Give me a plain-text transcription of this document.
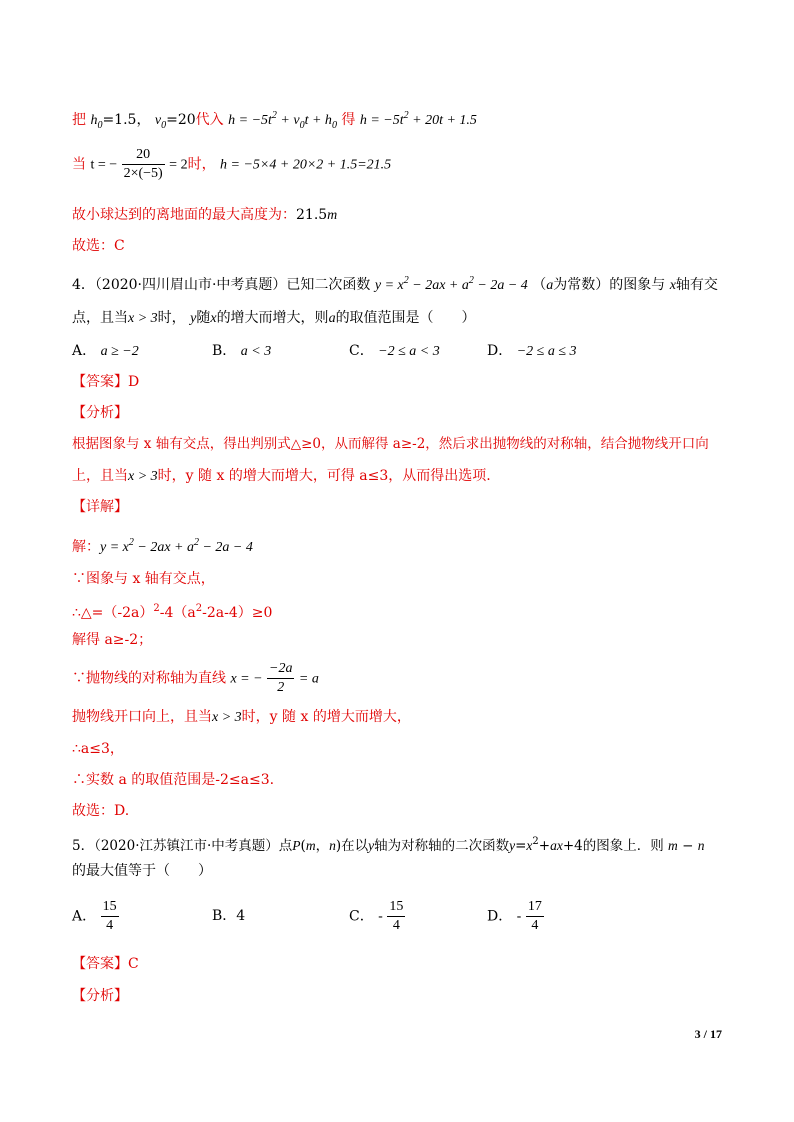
把 $h_0=1.5$， $v_0=20$代入 $h = -5t^2 + v_0t + h_0$ 得 $h = -5t^2 + 20t + 1.5$
当 t = − $\frac{20}{2\times(-5)} = 2$时， h = −5×4 + 20×2 + 1.5=21.5
故小球达到的离地面的最大高度为：21.5m
故选：C
4．（2020·四川眉山市·中考真题）已知二次函数 $y = x^2 - 2ax + a^2 - 2a - 4$ （a为常数）的图象与 x轴有交
点，且当x > 3时， y随x的增大而增大，则a的取值范围是（　　）
A． a ≥ −2	B． a < 3	C． −2 ≤ a < 3	D． −2 ≤ a ≤ 3
【答案】D
【分析】
根据图象与 x 轴有交点，得出判别式△≥0，从而解得 a≥-2，然后求出抛物线的对称轴，结合抛物线开口向
上，且当x > 3时，y 随 x 的增大而增大，可得 a≤3，从而得出选项.
【详解】
解：$y = x^2 - 2ax + a^2 - 2a - 4$
∵图象与 x 轴有交点，
$\therefore\triangle=(-2a)^2-4(a^2-2a-4)\ge 0$
解得 a≥-2；
∵抛物线的对称轴为直线 x = − $\frac{-2a}{2} = a$
抛物线开口向上，且当x > 3时，y 随 x 的增大而增大，
∴a≤3，
∴实数 a 的取值范围是-2≤a≤3.
故选：D.
5．（2020·江苏镇江市·中考真题）点P(m，n)在以y轴为对称轴的二次函数$y=x^2+ax+4$的图象上．则 m − n
的最大值等于（　　）
A． $\frac{15}{4}$	B．4	C． - $\frac{15}{4}$	D． - $\frac{17}{4}$
【答案】C
【分析】
3 / 17
